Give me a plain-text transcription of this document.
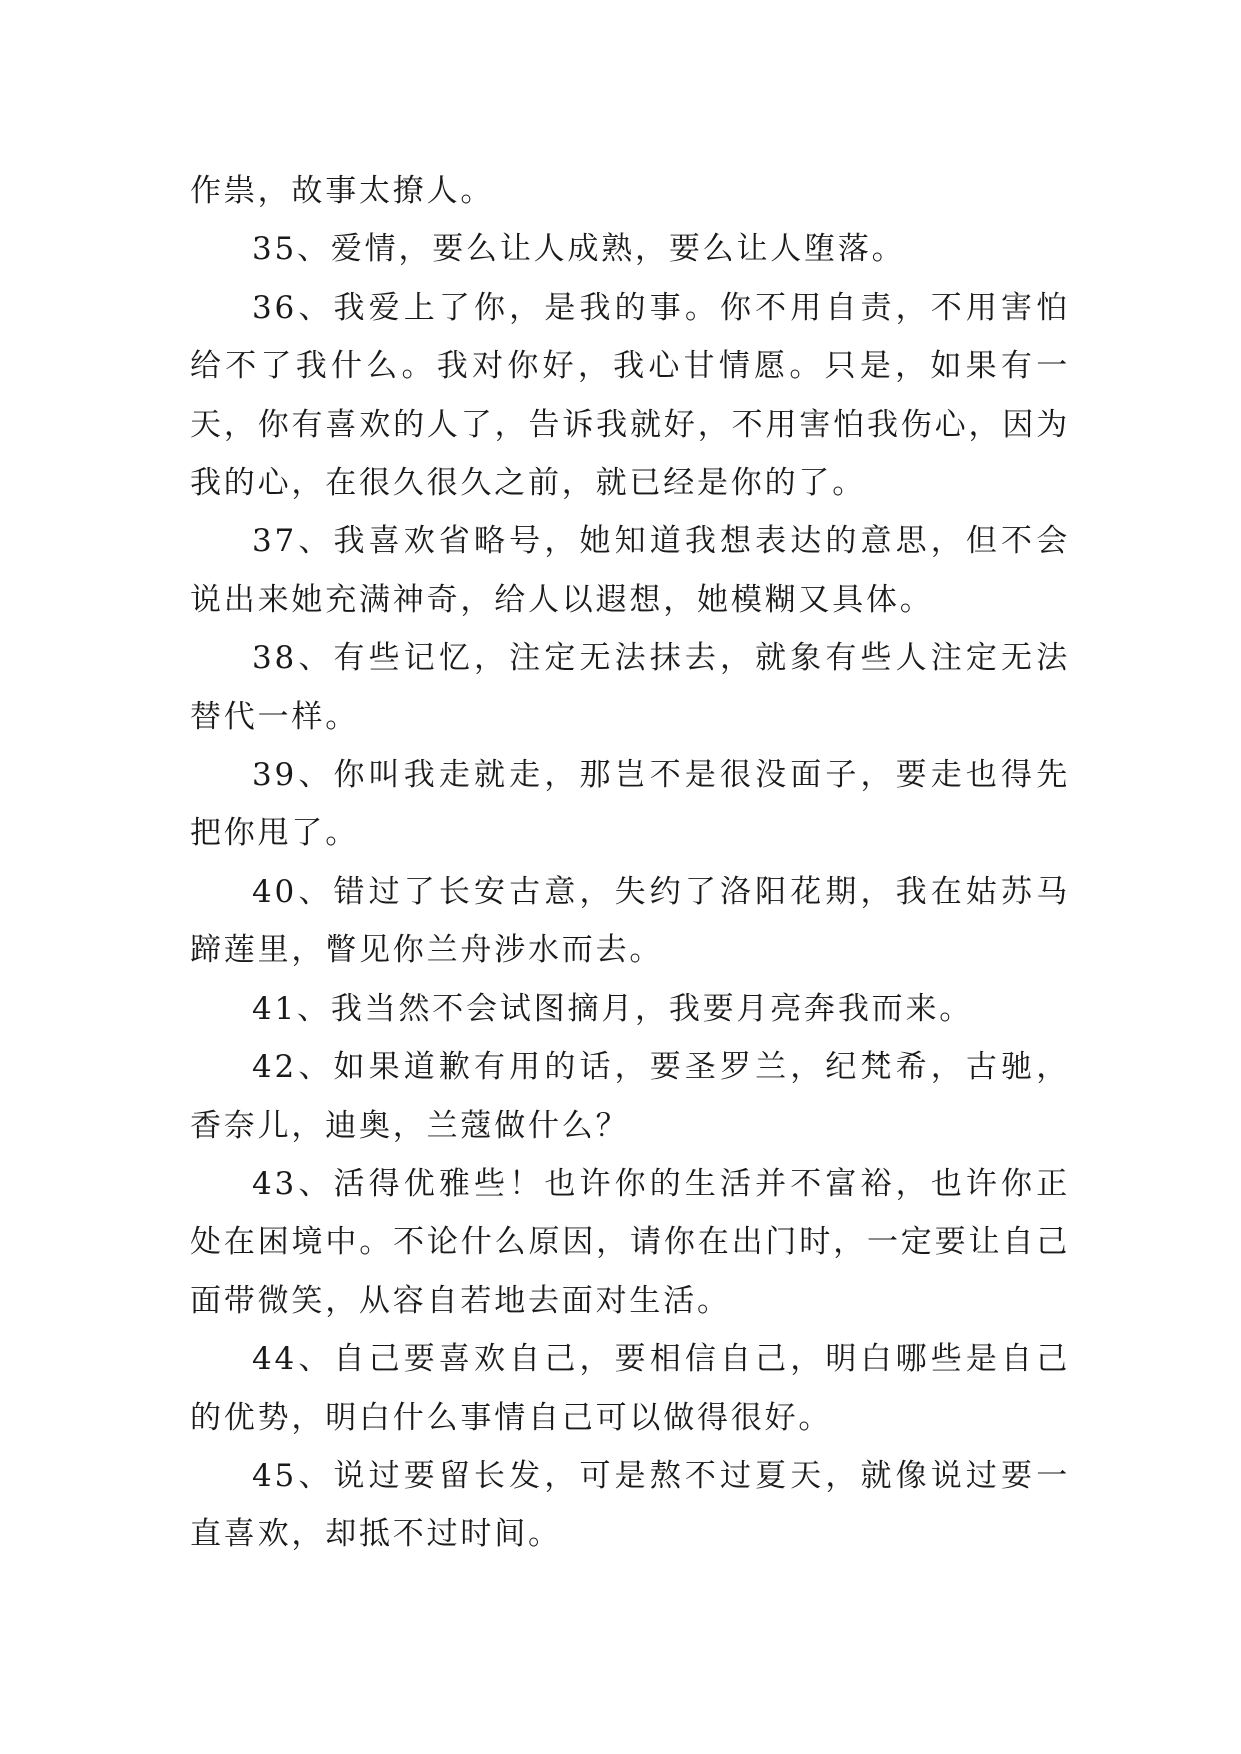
作祟，故事太撩人。

35、爱情，要么让人成熟，要么让人堕落。

36、我爱上了你，是我的事。你不用自责，不用害怕给不了我什么。我对你好，我心甘情愿。只是，如果有一天，你有喜欢的人了，告诉我就好，不用害怕我伤心，因为我的心，在很久很久之前，就已经是你的了。

37、我喜欢省略号，她知道我想表达的意思，但不会说出来她充满神奇，给人以遐想，她模糊又具体。

38、有些记忆，注定无法抹去，就象有些人注定无法替代一样。

39、你叫我走就走，那岂不是很没面子，要走也得先把你甩了。

40、错过了长安古意，失约了洛阳花期，我在姑苏马蹄莲里，瞥见你兰舟涉水而去。

41、我当然不会试图摘月，我要月亮奔我而来。

42、如果道歉有用的话，要圣罗兰，纪梵希，古驰，香奈儿，迪奥，兰蔻做什么？

43、活得优雅些！也许你的生活并不富裕，也许你正处在困境中。不论什么原因，请你在出门时，一定要让自己面带微笑，从容自若地去面对生活。

44、自己要喜欢自己，要相信自己，明白哪些是自己的优势，明白什么事情自己可以做得很好。

45、说过要留长发，可是熬不过夏天，就像说过要一直喜欢，却抵不过时间。
